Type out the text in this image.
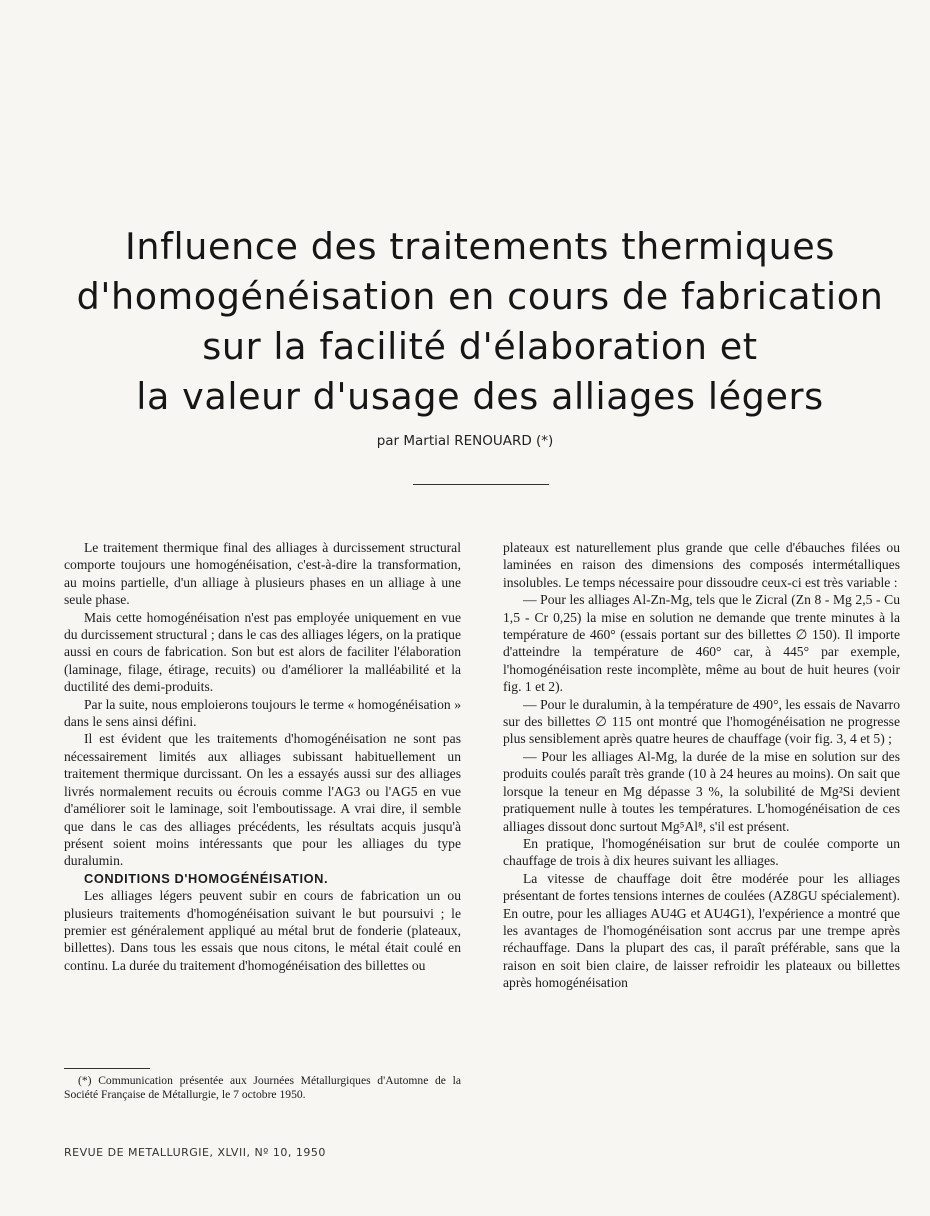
Influence des traitements thermiques
d'homogénéisation en cours de fabrication
sur la facilité d'élaboration et
la valeur d'usage des alliages légers
par Martial RENOUARD (*)

Le traitement thermique final des alliages à durcissement structural comporte toujours une homogénéisation, c'est-à-dire la transformation, au moins partielle, d'un alliage à plusieurs phases en un alliage à une seule phase.

Mais cette homogénéisation n'est pas employée uniquement en vue du durcissement structural ; dans le cas des alliages légers, on la pratique aussi en cours de fabrication. Son but est alors de faciliter l'élaboration (laminage, filage, étirage, recuits) ou d'améliorer la malléabilité et la ductilité des demi-produits.

Par la suite, nous emploierons toujours le terme « homogénéisation » dans le sens ainsi défini.

Il est évident que les traitements d'homogénéisation ne sont pas nécessairement limités aux alliages subissant habituellement un traitement thermique durcissant. On les a essayés aussi sur des alliages livrés normalement recuits ou écrouis comme l'AG3 ou l'AG5 en vue d'améliorer soit le laminage, soit l'emboutissage. A vrai dire, il semble que dans le cas des alliages précédents, les résultats acquis jusqu'à présent soient moins intéressants que pour les alliages du type duralumin.

CONDITIONS D'HOMOGÉNÉISATION.

Les alliages légers peuvent subir en cours de fabrication un ou plusieurs traitements d'homogénéisation suivant le but poursuivi ; le premier est généralement appliqué au métal brut de fonderie (plateaux, billettes). Dans tous les essais que nous citons, le métal était coulé en continu. La durée du traitement d'homogénéisation des billettes ou

plateaux est naturellement plus grande que celle d'ébauches filées ou laminées en raison des dimensions des composés intermétalliques insolubles. Le temps nécessaire pour dissoudre ceux-ci est très variable :

— Pour les alliages Al-Zn-Mg, tels que le Zicral (Zn 8 - Mg 2,5 - Cu 1,5 - Cr 0,25) la mise en solution ne demande que trente minutes à la température de 460° (essais portant sur des billettes ∅ 150). Il importe d'atteindre la température de 460° car, à 445° par exemple, l'homogénéisation reste incomplète, même au bout de huit heures (voir fig. 1 et 2).

— Pour le duralumin, à la température de 490°, les essais de Navarro sur des billettes ∅ 115 ont montré que l'homogénéisation ne progresse plus sensiblement après quatre heures de chauffage (voir fig. 3, 4 et 5) ;

— Pour les alliages Al-Mg, la durée de la mise en solution sur des produits coulés paraît très grande (10 à 24 heures au moins). On sait que lorsque la teneur en Mg dépasse 3 %, la solubilité de Mg²Si devient pratiquement nulle à toutes les températures. L'homogénéisation de ces alliages dissout donc surtout Mg⁵Al⁸, s'il est présent.

En pratique, l'homogénéisation sur brut de coulée comporte un chauffage de trois à dix heures suivant les alliages.

La vitesse de chauffage doit être modérée pour les alliages présentant de fortes tensions internes de coulées (AZ8GU spécialement). En outre, pour les alliages AU4G et AU4G1), l'expérience a montré que les avantages de l'homogénéisation sont accrus par une trempe après réchauffage. Dans la plupart des cas, il paraît préférable, sans que la raison en soit bien claire, de laisser refroidir les plateaux ou billettes après homogénéisation

(*) Communication présentée aux Journées Métallurgiques d'Automne de la Société Française de Métallurgie, le 7 octobre 1950.
REVUE DE METALLURGIE, XLVII, Nº 10, 1950
